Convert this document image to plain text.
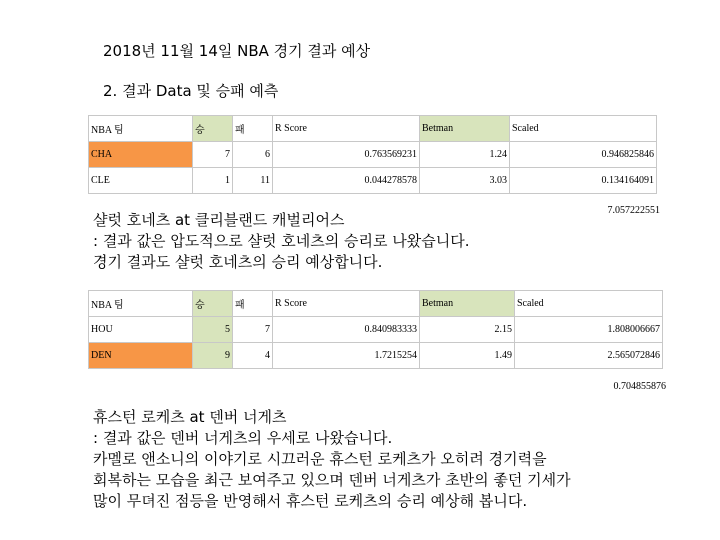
2018년 11월 14일 NBA 경기 결과 예상
2. 결과 Data 및 승패 예측
NBA 팀	승	패	R Score	Betman	Scaled
CHA	7	6	0.763569231	1.24	0.946825846
CLE	1	11	0.044278578	3.03	0.134164091
7.057222551
샬럿 호네츠 at 클리블랜드 캐벌리어스
: 결과 값은 압도적으로 샬럿 호네츠의 승리로 나왔습니다.
경기 결과도 샬럿 호네츠의 승리 예상합니다.
NBA 팀	승	패	R Score	Betman	Scaled
HOU	5	7	0.840983333	2.15	1.808006667
DEN	9	4	1.7215254	1.49	2.565072846
0.704855876
휴스턴 로케츠 at 덴버 너게츠
: 결과 값은 덴버 너게츠의 우세로 나왔습니다.
카멜로 앤소니의 이야기로 시끄러운 휴스턴 로케츠가 오히려 경기력을
회복하는 모습을 최근 보여주고 있으며 덴버 너게츠가 초반의 좋던 기세가
많이 무뎌진 점등을 반영해서 휴스턴 로케츠의 승리 예상해 봅니다.
